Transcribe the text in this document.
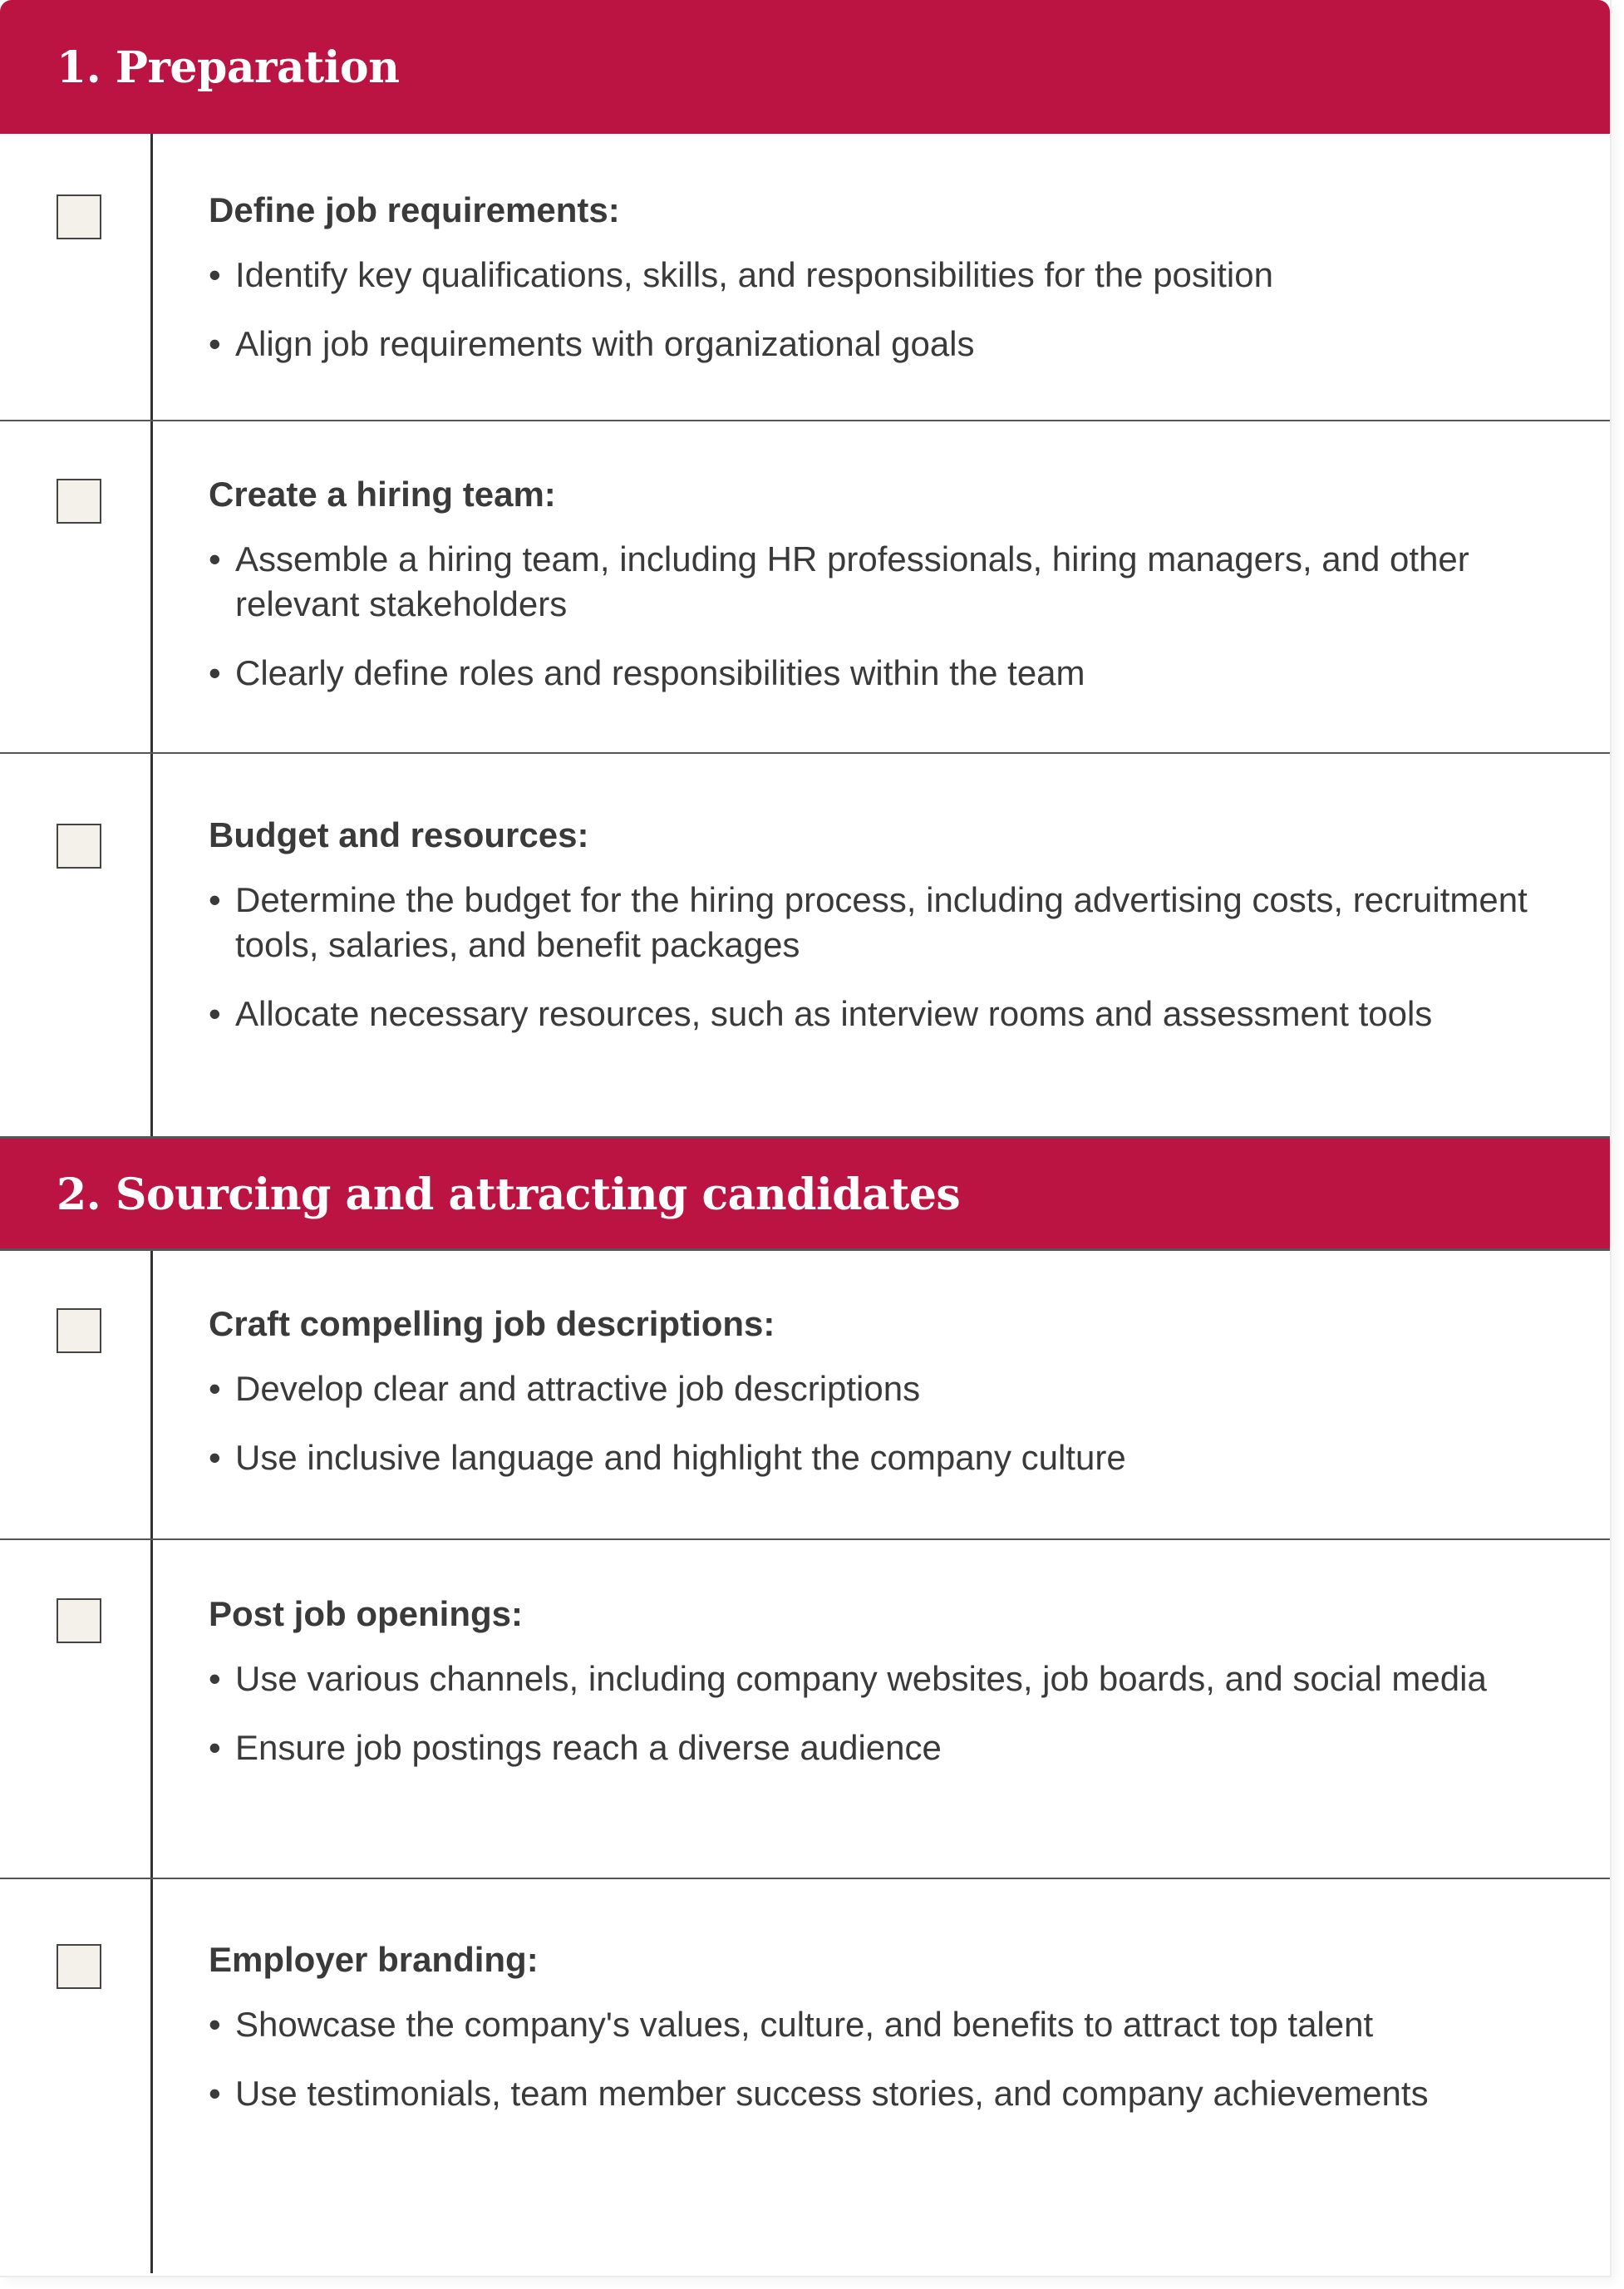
1. Preparation
Define job requirements:
• Identify key qualifications, skills, and responsibilities for the position
• Align job requirements with organizational goals
Create a hiring team:
• Assemble a hiring team, including HR professionals, hiring managers, and other relevant stakeholders
• Clearly define roles and responsibilities within the team
Budget and resources:
• Determine the budget for the hiring process, including advertising costs, recruitment tools, salaries, and benefit packages
• Allocate necessary resources, such as interview rooms and assessment tools
2. Sourcing and attracting candidates
Craft compelling job descriptions:
• Develop clear and attractive job descriptions
• Use inclusive language and highlight the company culture
Post job openings:
• Use various channels, including company websites, job boards, and social media
• Ensure job postings reach a diverse audience
Employer branding:
• Showcase the company's values, culture, and benefits to attract top talent
• Use testimonials, team member success stories, and company achievements
